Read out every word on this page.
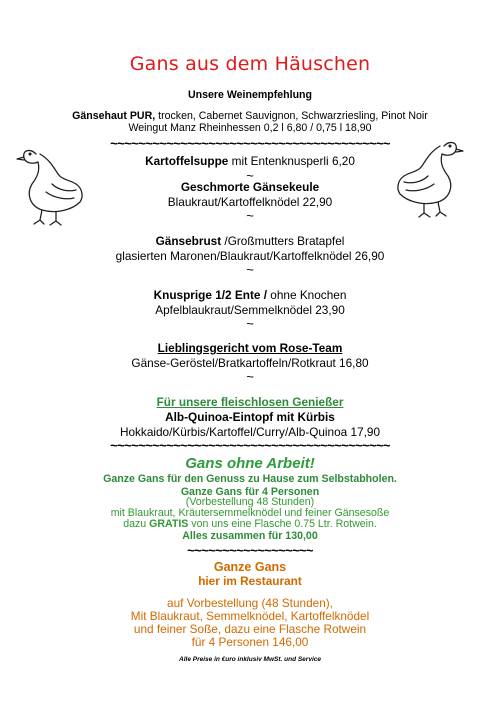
Gans aus dem Häuschen
Unsere Weinempfehlung
Gänsehaut PUR, trocken, Cabernet Sauvignon, Schwarzriesling, Pinot Noir
Weingut Manz Rheinhessen 0,2 l 6,80 / 0,75 l 18,90
~~~~~~~~~~~~~~~~~~~~~~~~~~~~~~~~~~~~~~~~
Kartoffelsuppe mit Entenknusperli 6,20
~
Geschmorte Gänsekeule
Blaukraut/Kartoffelknödel 22,90
~
Gänsebrust /Großmutters Bratapfel
glasierten Maronen/Blaukraut/Kartoffelknödel 26,90
~
Knusprige 1/2 Ente / ohne Knochen
Apfelblaukraut/Semmelknödel 23,90
~
Lieblingsgericht vom Rose-Team
Gänse-Geröstel/Bratkartoffeln/Rotkraut 16,80
~
Für unsere fleischlosen Genießer
Alb-Quinoa-Eintopf mit Kürbis
Hokkaido/Kürbis/Kartoffel/Curry/Alb-Quinoa 17,90
~~~~~~~~~~~~~~~~~~~~~~~~~~~~~~~~~~~~~~~~
Gans ohne Arbeit!
Ganze Gans für den Genuss zu Hause zum Selbstabholen.
Ganze Gans für 4 Personen
(Vorbestellung 48 Stunden)
mit Blaukraut, Kräutersemmelknödel und feiner Gänsesoße
dazu GRATIS von uns eine Flasche 0.75 Ltr. Rotwein.
Alles zusammen für 130,00
~~~~~~~~~~~~~~~~~~
Ganze Gans
hier im Restaurant
auf Vorbestellung (48 Stunden),
Mit Blaukraut, Semmelknödel, Kartoffelknödel
und feiner Soße, dazu eine Flasche Rotwein
für 4 Personen 146,00
Alle Preise in €uro inklusiv MwSt. und Service
